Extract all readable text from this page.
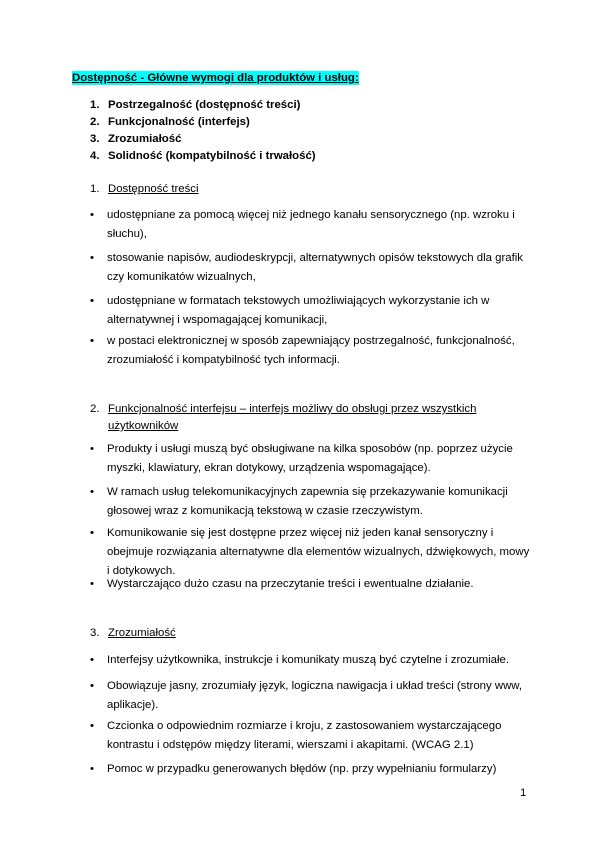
Dostępność - Główne wymogi dla produktów i usług:
1. Postrzegalność (dostępność treści)
2. Funkcjonalność (interfejs)
3. Zrozumiałość
4. Solidność (kompatybilność i trwałość)
1. Dostępność treści
• udostępniane za pomocą więcej niż jednego kanału sensorycznego (np. wzroku i słuchu),
• stosowanie napisów, audiodeskrypcji, alternatywnych opisów tekstowych dla grafik czy komunikatów wizualnych,
• udostępniane w formatach tekstowych umożliwiających wykorzystanie ich w alternatywnej i wspomagającej komunikacji,
• w postaci elektronicznej w sposób zapewniający postrzegalność, funkcjonalność, zrozumiałość i kompatybilność tych informacji.
2. Funkcjonalność interfejsu – interfejs możliwy do obsługi przez wszystkich
użytkowników
• Produkty i usługi muszą być obsługiwane na kilka sposobów (np. poprzez użycie myszki, klawiatury, ekran dotykowy, urządzenia wspomagające).
• W ramach usług telekomunikacyjnych zapewnia się przekazywanie komunikacji głosowej wraz z komunikacją tekstową w czasie rzeczywistym.
• Komunikowanie się jest dostępne przez więcej niż jeden kanał sensoryczny i obejmuje rozwiązania alternatywne dla elementów wizualnych, dźwiękowych, mowy i dotykowych.
• Wystarczająco dużo czasu na przeczytanie treści i ewentualne działanie.
3. Zrozumiałość
• Interfejsy użytkownika, instrukcje i komunikaty muszą być czytelne i zrozumiałe.
• Obowiązuje jasny, zrozumiały język, logiczna nawigacja i układ treści (strony www, aplikacje).
• Czcionka o odpowiednim rozmiarze i kroju, z zastosowaniem wystarczającego kontrastu i odstępów między literami, wierszami i akapitami. (WCAG 2.1)
• Pomoc w przypadku generowanych błędów (np. przy wypełnianiu formularzy)
1
